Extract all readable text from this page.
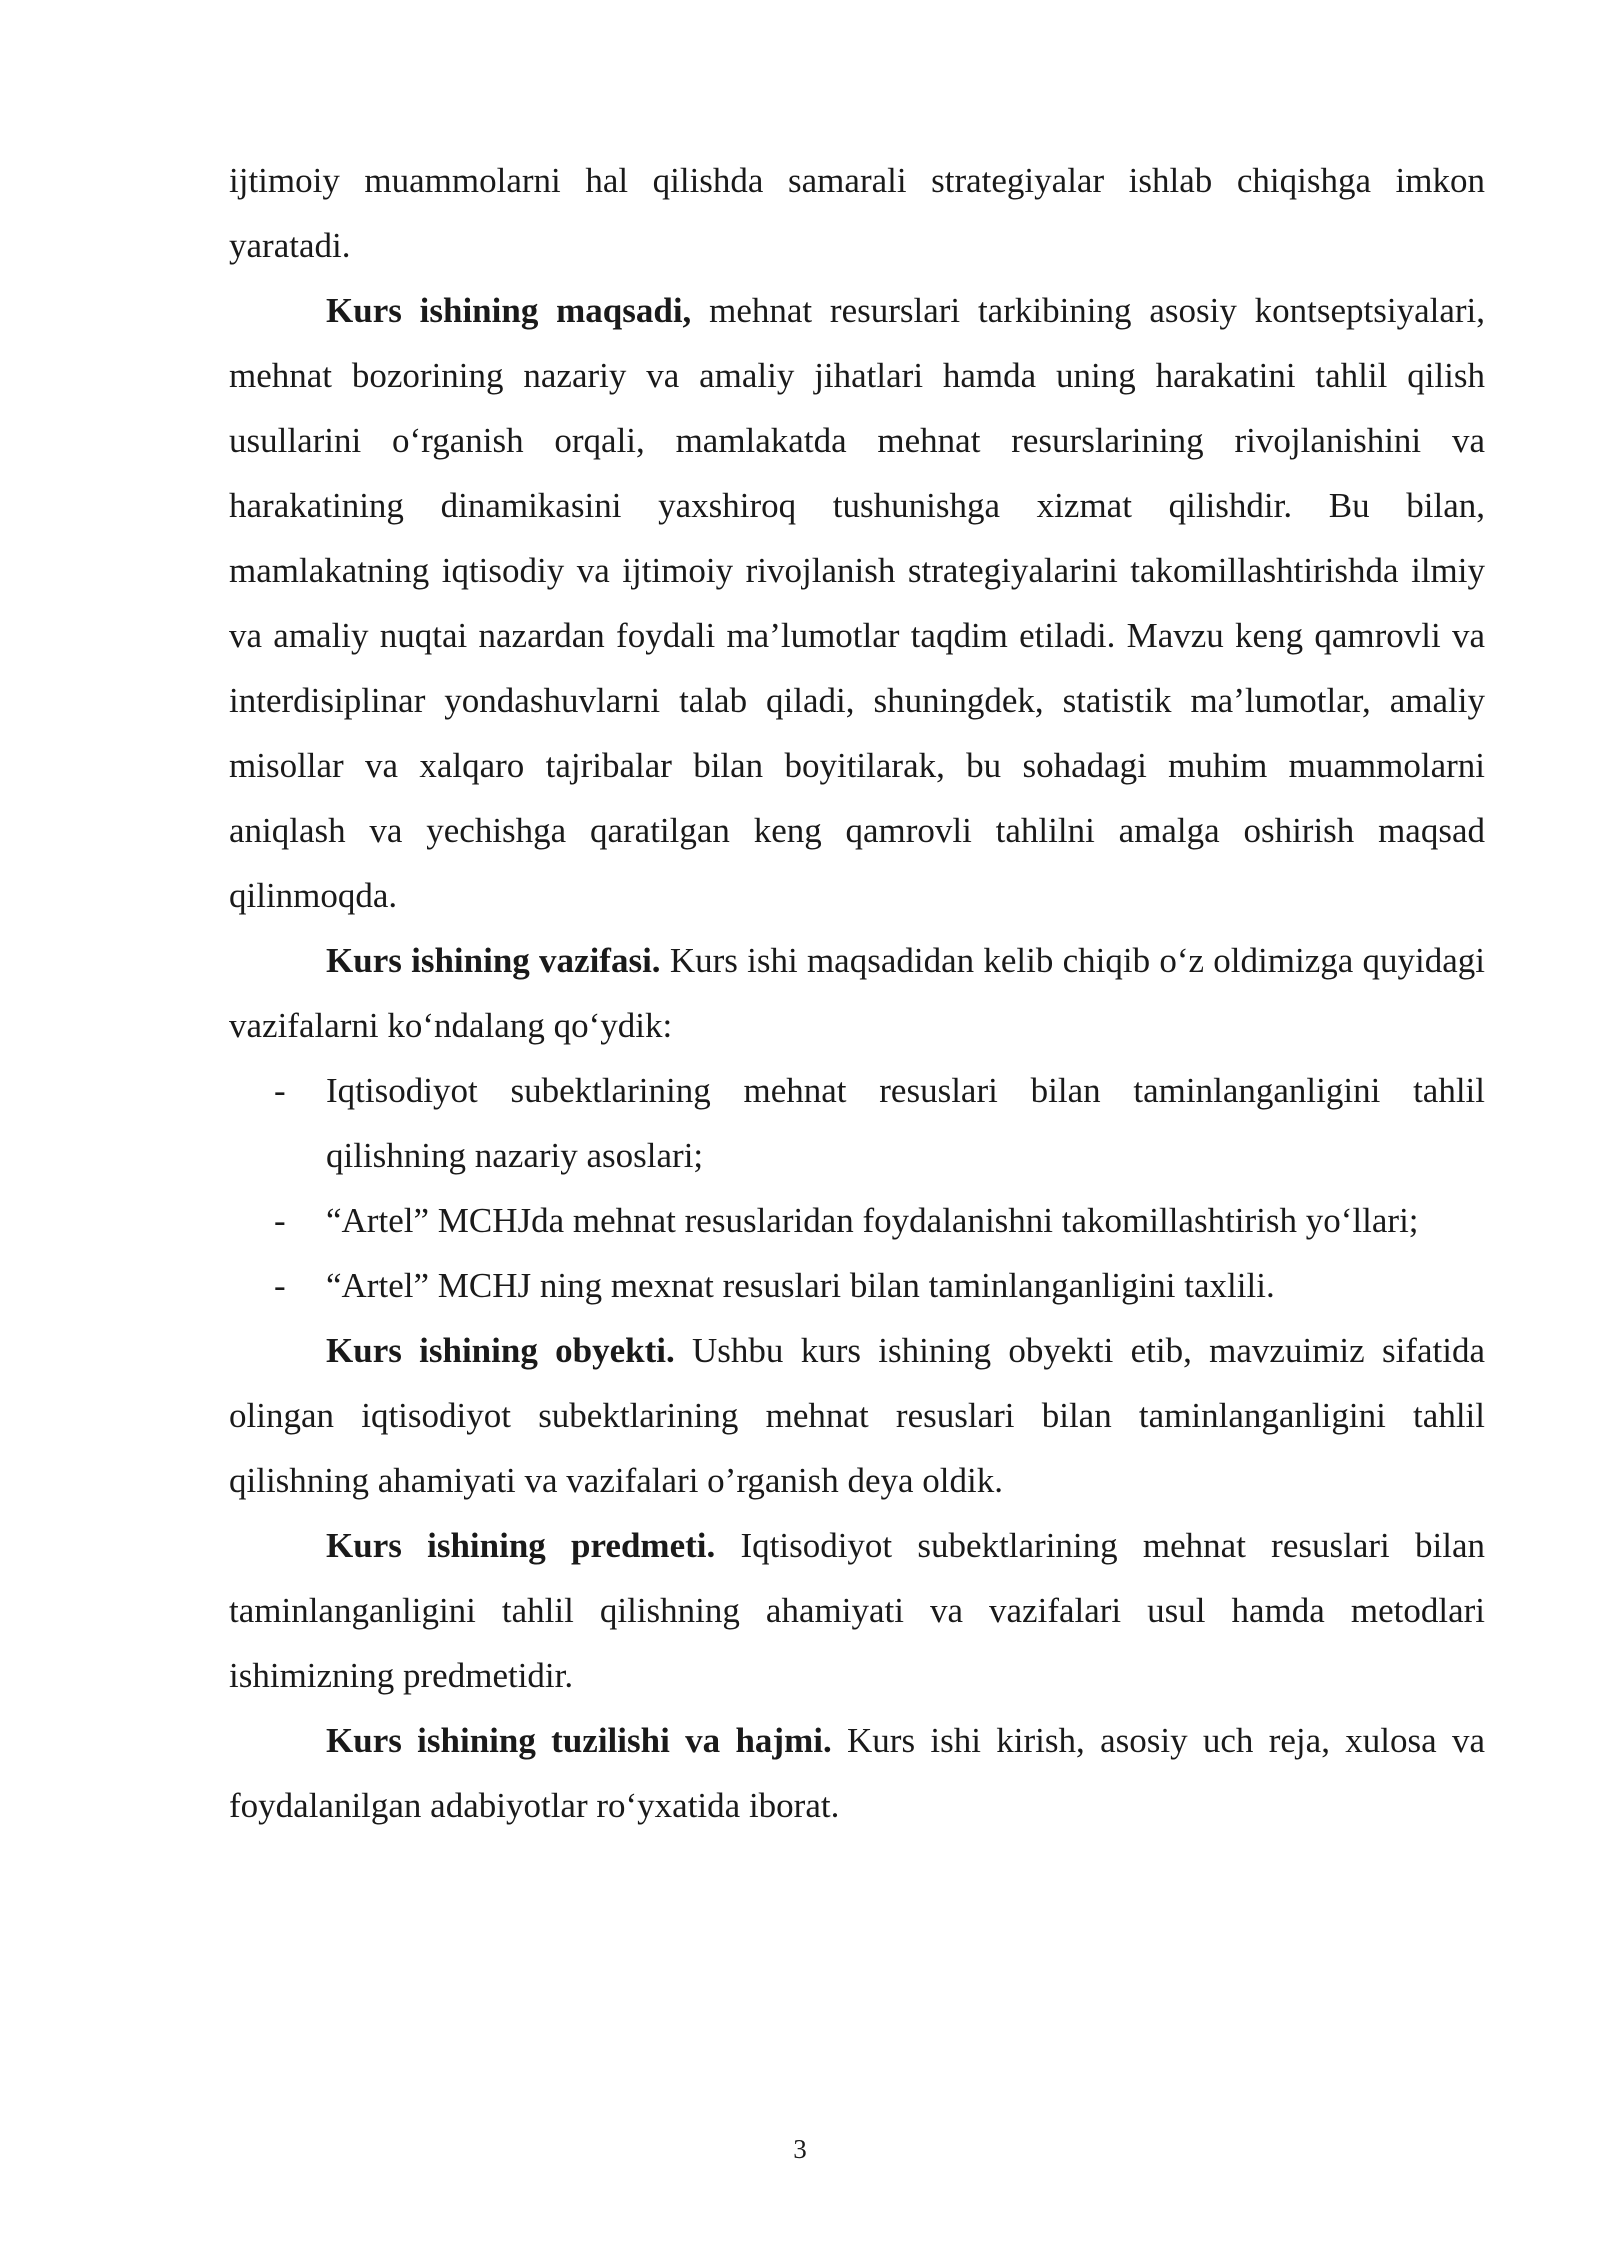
ijtimoiy muammolarni hal qilishda samarali strategiyalar ishlab chiqishga imkon yaratadi.

Kurs ishining maqsadi, mehnat resurslari tarkibining asosiy kontseptsiyalari, mehnat bozorining nazariy va amaliy jihatlari hamda uning harakatini tahlil qilish usullarini o‘rganish orqali, mamlakatda mehnat resurslarining rivojlanishini va harakatining dinamikasini yaxshiroq tushunishga xizmat qilishdir. Bu bilan, mamlakatning iqtisodiy va ijtimoiy rivojlanish strategiyalarini takomillashtirishda ilmiy va amaliy nuqtai nazardan foydali ma’lumotlar taqdim etiladi. Mavzu keng qamrovli va interdisiplinar yondashuvlarni talab qiladi, shuningdek, statistik ma’lumotlar, amaliy misollar va xalqaro tajribalar bilan boyitilarak, bu sohadagi muhim muammolarni aniqlash va yechishga qaratilgan keng qamrovli tahlilni amalga oshirish maqsad qilinmoqda.

Kurs ishining vazifasi. Kurs ishi maqsadidan kelib chiqib o‘z oldimizga quyidagi vazifalarni ko‘ndalang qo‘ydik:

- Iqtisodiyot subektlarining mehnat resuslari bilan taminlanganligini tahlil qilishning nazariy asoslari;
- “Artel” MCHJda mehnat resuslaridan foydalanishni takomillashtirish yo‘llari;
- “Artel” MCHJ ning mexnat resuslari bilan taminlanganligini taxlili.

Kurs ishining obyekti. Ushbu kurs ishining obyekti etib, mavzuimiz sifatida olingan iqtisodiyot subektlarining mehnat resuslari bilan taminlanganligini tahlil qilishning ahamiyati va vazifalari o’rganish deya oldik.

Kurs ishining predmeti. Iqtisodiyot subektlarining mehnat resuslari bilan taminlanganligini tahlil qilishning ahamiyati va vazifalari usul hamda metodlari ishimizning predmetidir.

Kurs ishining tuzilishi va hajmi. Kurs ishi kirish, asosiy uch reja, xulosa va foydalanilgan adabiyotlar ro‘yxatida iborat.

3
